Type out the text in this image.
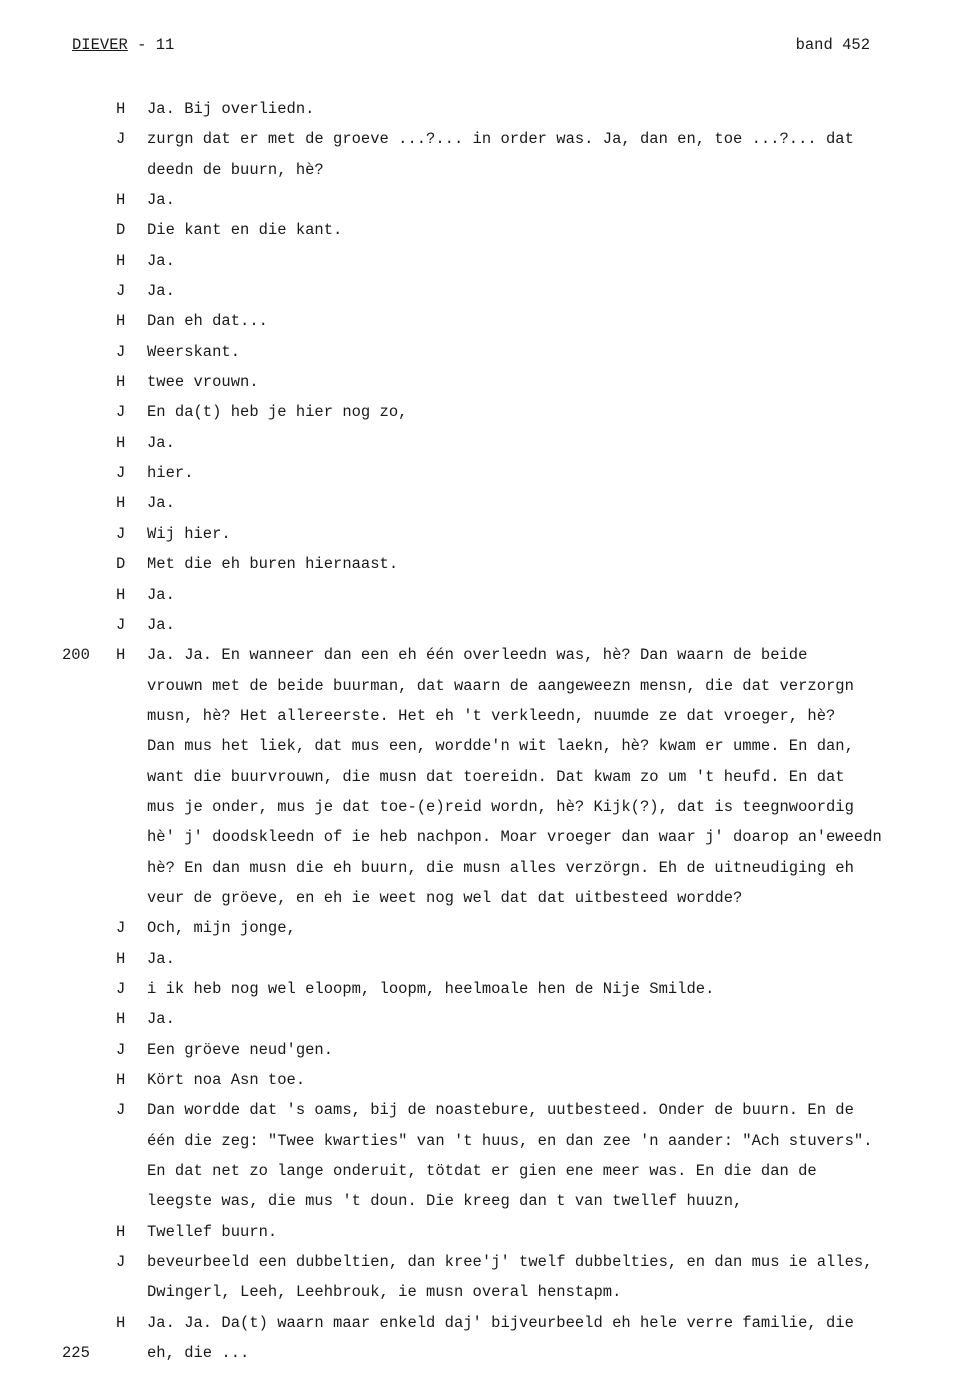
DIEVER - 11	band 452
H Ja. Bij overliedn.
J zurgn dat er met de groeve ...?... in order was. Ja, dan en, toe ...?... dat
deedn de buurn, hè?
H Ja.
D Die kant en die kant.
H Ja.
J Ja.
H Dan eh dat...
J Weerskant.
H twee vrouwn.
J En da(t) heb je hier nog zo,
H Ja.
J hier.
H Ja.
J Wij hier.
D Met die eh buren hiernaast.
H Ja.
J Ja.
200 H Ja. Ja. En wanneer dan een eh één overleedn was, hè? Dan waarn de beide
vrouwn met de beide buurman, dat waarn de aangeweezn mensn, die dat verzorgn
musn, hè? Het allereerste. Het eh 't verkleedn, nuumde ze dat vroeger, hè?
Dan mus het liek, dat mus een, wordde'n wit laekn, hè? kwam er umme. En dan,
want die buurvrouwn, die musn dat toereidn. Dat kwam zo um 't heufd. En dat
mus je onder, mus je dat toe-(e)reid wordn, hè? Kijk(?), dat is teegnwoordig
hè' j' doodskleedn of ie heb nachpon. Moar vroeger dan waar j' doarop an'eweedn
hè? En dan musn die eh buurn, die musn alles verzörgn. Eh de uitneudiging eh
veur de gröeve, en eh ie weet nog wel dat dat uitbesteed wordde?
J Och, mijn jonge,
H Ja.
J i ik heb nog wel eloopm, loopm, heelmoale hen de Nije Smilde.
H Ja.
J Een gröeve neud'gen.
H Kört noa Asn toe.
J Dan wordde dat 's oams, bij de noastebure, uutbesteed. Onder de buurn. En de
één die zeg: "Twee kwarties" van 't huus, en dan zee 'n aander: "Ach stuvers".
En dat net zo lange onderuit, tötdat er gien ene meer was. En die dan de
leegste was, die mus 't doun. Die kreeg dan t van twellef huuzn,
H Twellef buurn.
J beveurbeeld een dubbeltien, dan kree'j' twelf dubbelties, en dan mus ie alles,
Dwingerl, Leeh, Leehbrouk, ie musn overal henstapm.
H Ja. Ja. Da(t) waarn maar enkeld daj' bijveurbeeld eh hele verre familie, die
225	eh, die ...
